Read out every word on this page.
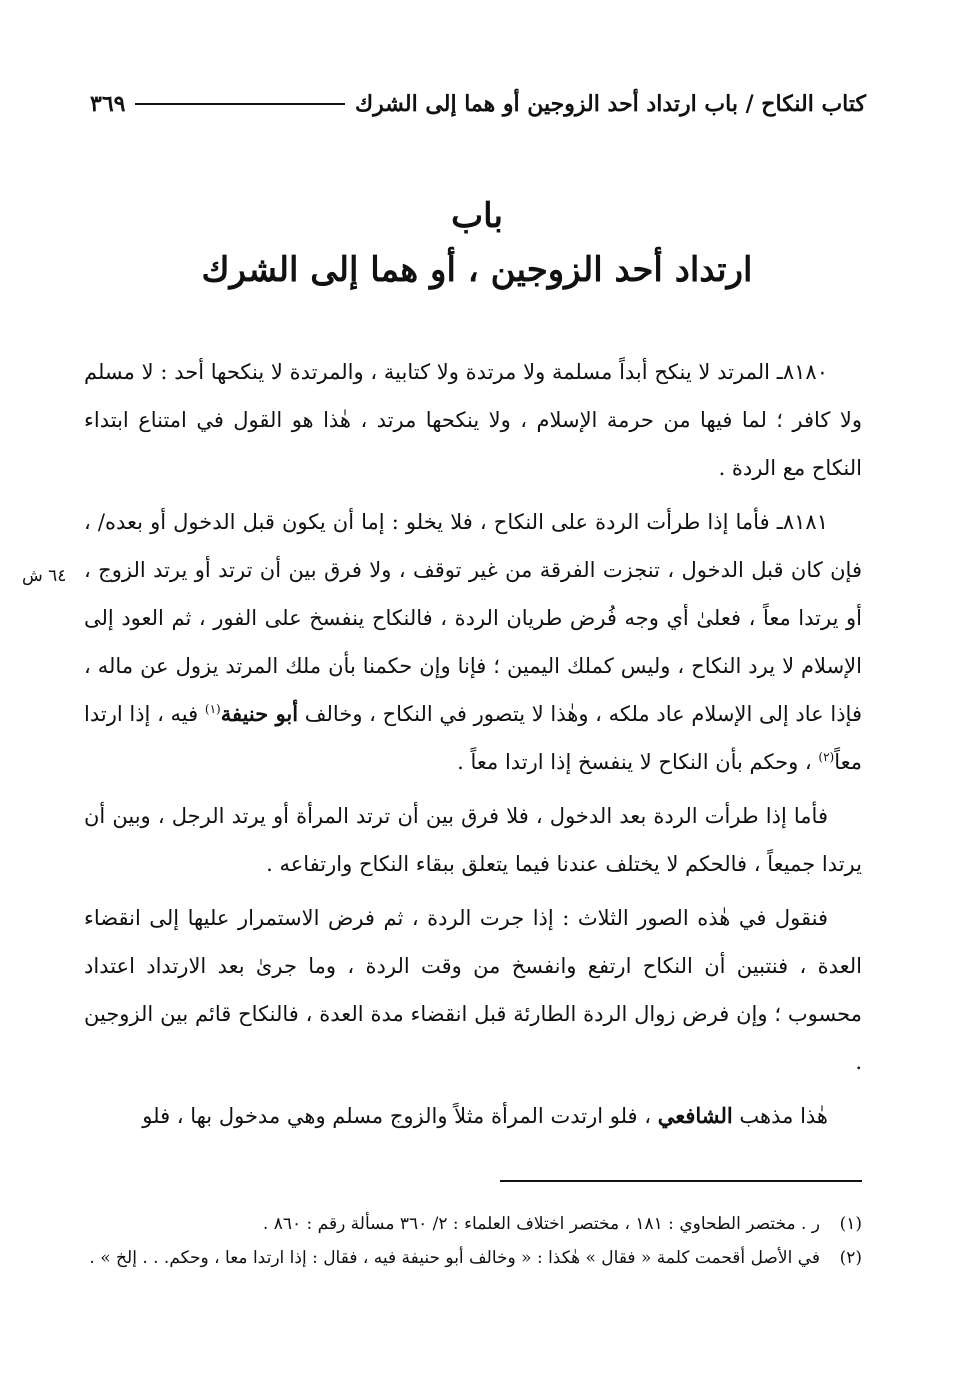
كتاب النكاح / باب ارتداد أحد الزوجين أو هما إلى الشرك
٣٦٩
باب
ارتداد أحد الزوجين ، أو هما إلى الشرك
٦٤ ش

٨١٨٠ـ المرتد لا ينكح أبداً مسلمة ولا مرتدة ولا كتابية ، والمرتدة لا ينكحها أحد : لا مسلم ولا كافر ؛ لما فيها من حرمة الإسلام ، ولا ينكحها مرتد ، هٰذا هو القول في امتناع ابتداء النكاح مع الردة .

٨١٨١ـ فأما إذا طرأت الردة على النكاح ، فلا يخلو : إما أن يكون قبل الدخول أو بعده/ ، فإن كان قبل الدخول ، تنجزت الفرقة من غير توقف ، ولا فرق بين أن ترتد أو يرتد الزوج ، أو يرتدا معاً ، فعلىٰ أي وجه فُرض طريان الردة ، فالنكاح ينفسخ على الفور ، ثم العود إلى الإسلام لا يرد النكاح ، وليس كملك اليمين ؛ فإنا وإن حكمنا بأن ملك المرتد يزول عن ماله ، فإذا عاد إلى الإسلام عاد ملكه ، وهٰذا لا يتصور في النكاح ، وخالف أبو حنيفة$^{(١)}$ فيه ، إذا ارتدا معاً$^{(٢)}$ ، وحكم بأن النكاح لا ينفسخ إذا ارتدا معاً .

فأما إذا طرأت الردة بعد الدخول ، فلا فرق بين أن ترتد المرأة أو يرتد الرجل ، وبين أن يرتدا جميعاً ، فالحكم لا يختلف عندنا فيما يتعلق ببقاء النكاح وارتفاعه .

فنقول في هٰذه الصور الثلاث : إذا جرت الردة ، ثم فرض الاستمرار عليها إلى انقضاء العدة ، فنتبين أن النكاح ارتفع وانفسخ من وقت الردة ، وما جرىٰ بعد الارتداد اعتداد محسوب ؛ وإن فرض زوال الردة الطارئة قبل انقضاء مدة العدة ، فالنكاح قائم بين الزوجين .

هٰذا مذهب الشافعي ، فلو ارتدت المرأة مثلاً والزوج مسلم وهي مدخول بها ، فلو

(١)
ر . مختصر الطحاوي : ١٨١ ، مختصر اختلاف العلماء : ٢/ ٣٦٠ مسألة رقم : ٨٦٠ .
(٢)
في الأصل أقحمت كلمة « فقال » هٰكذا : « وخالف أبو حنيفة فيه ، فقال : إذا ارتدا معا ، وحكم. . . إلخ » .
